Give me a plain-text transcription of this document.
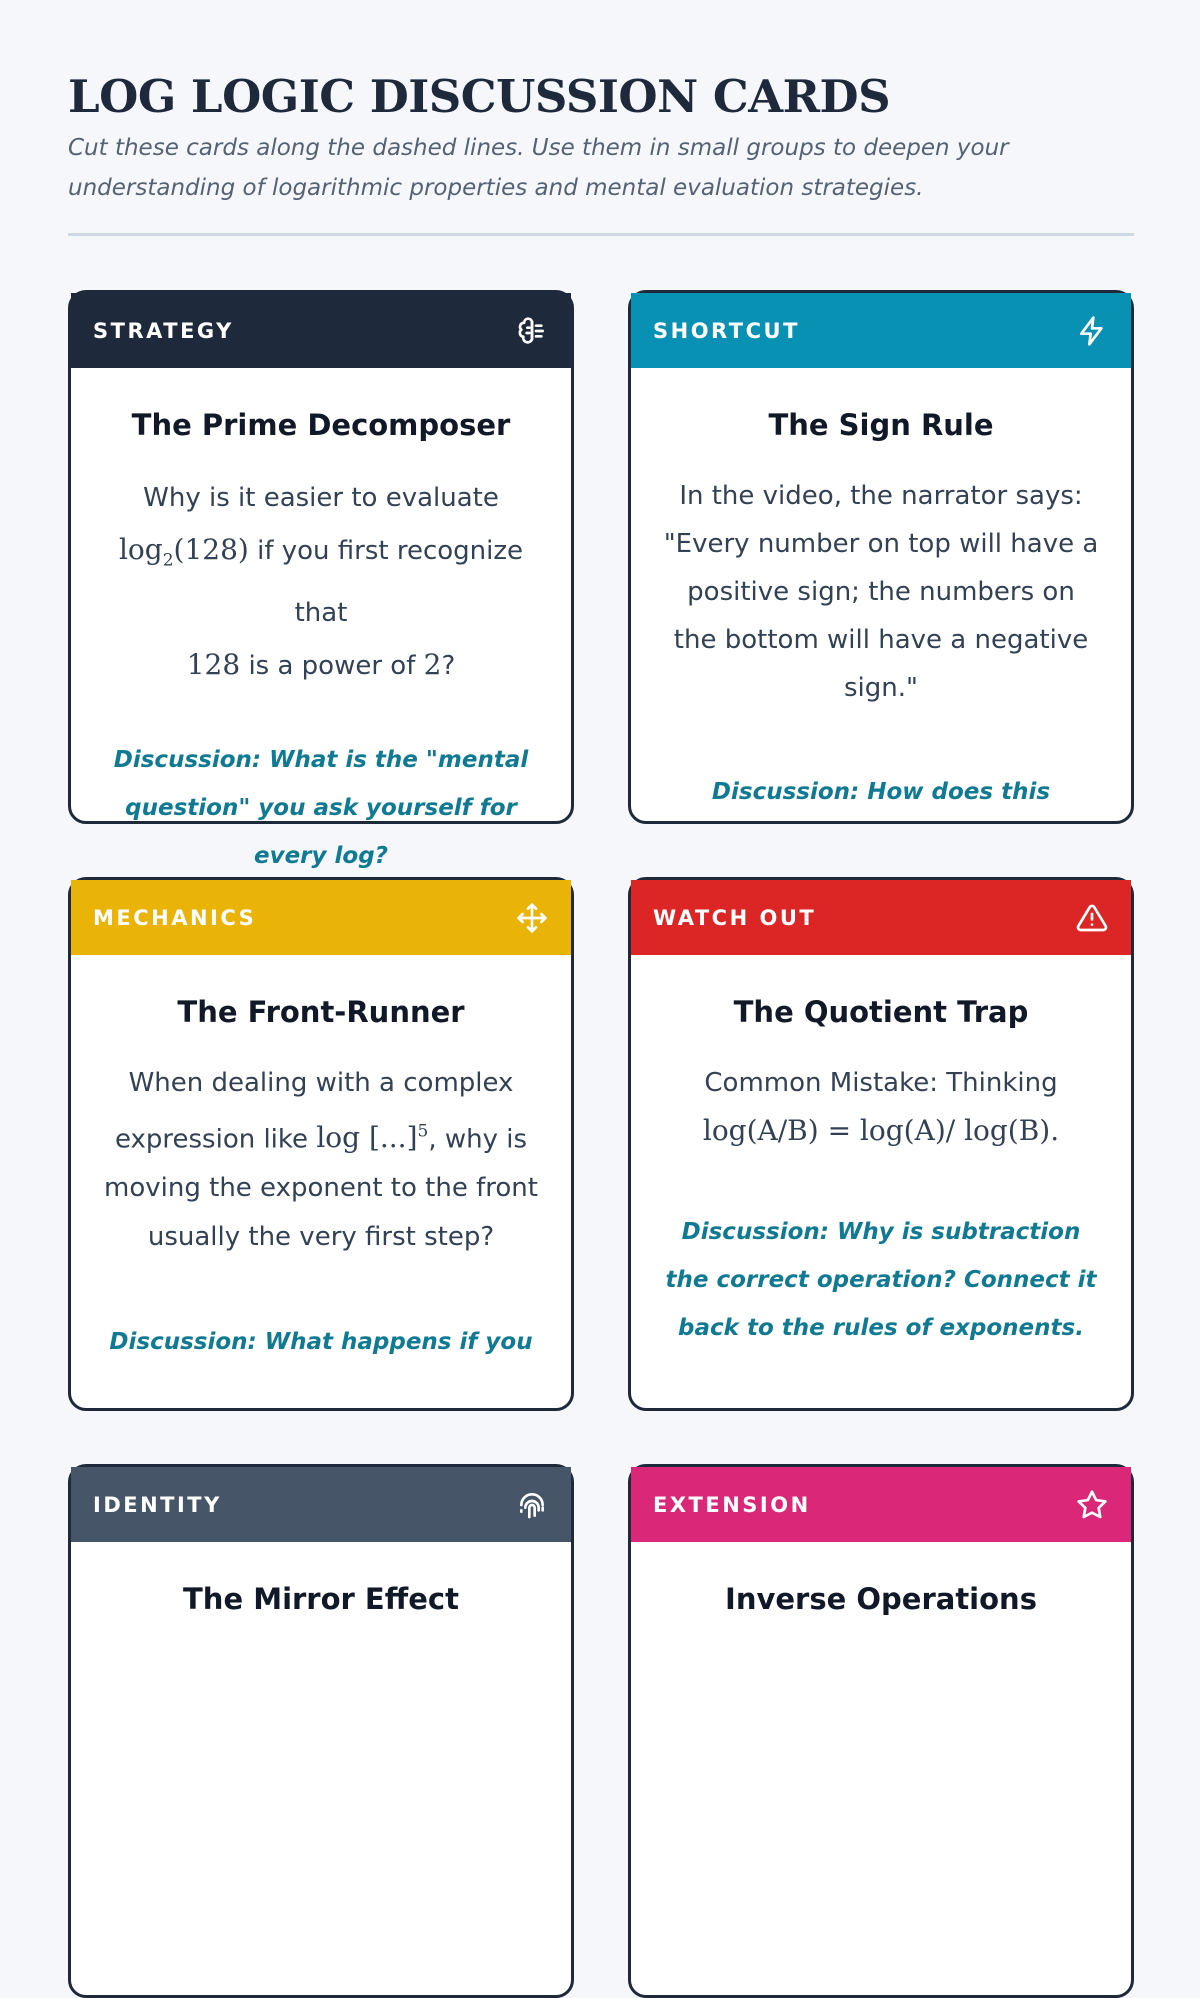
LOG LOGIC DISCUSSION CARDS

Cut these cards along the dashed lines. Use them in small groups to deepen your understanding of logarithmic properties and mental evaluation strategies.

STRATEGY
The Prime Decomposer
Why is it easier to evaluate
$\log_2(128)$ if you first recognize that
128 is a power of 2?
Discussion: What is the "mental question" you ask yourself for every log?
SHORTCUT
The Sign Rule
In the video, the narrator says: "Every number on top will have a positive sign; the numbers on the bottom will have a negative sign."
Discussion: How does this
MECHANICS
The Front-Runner
When dealing with a complex expression like log [...]$^5$, why is moving the exponent to the front usually the very first step?
Discussion: What happens if you
WATCH OUT
The Quotient Trap
Common Mistake: Thinking
log(A/B) = log(A)/ log(B).
Discussion: Why is subtraction the correct operation? Connect it back to the rules of exponents.
IDENTITY
The Mirror Effect
EXTENSION
Inverse Operations
